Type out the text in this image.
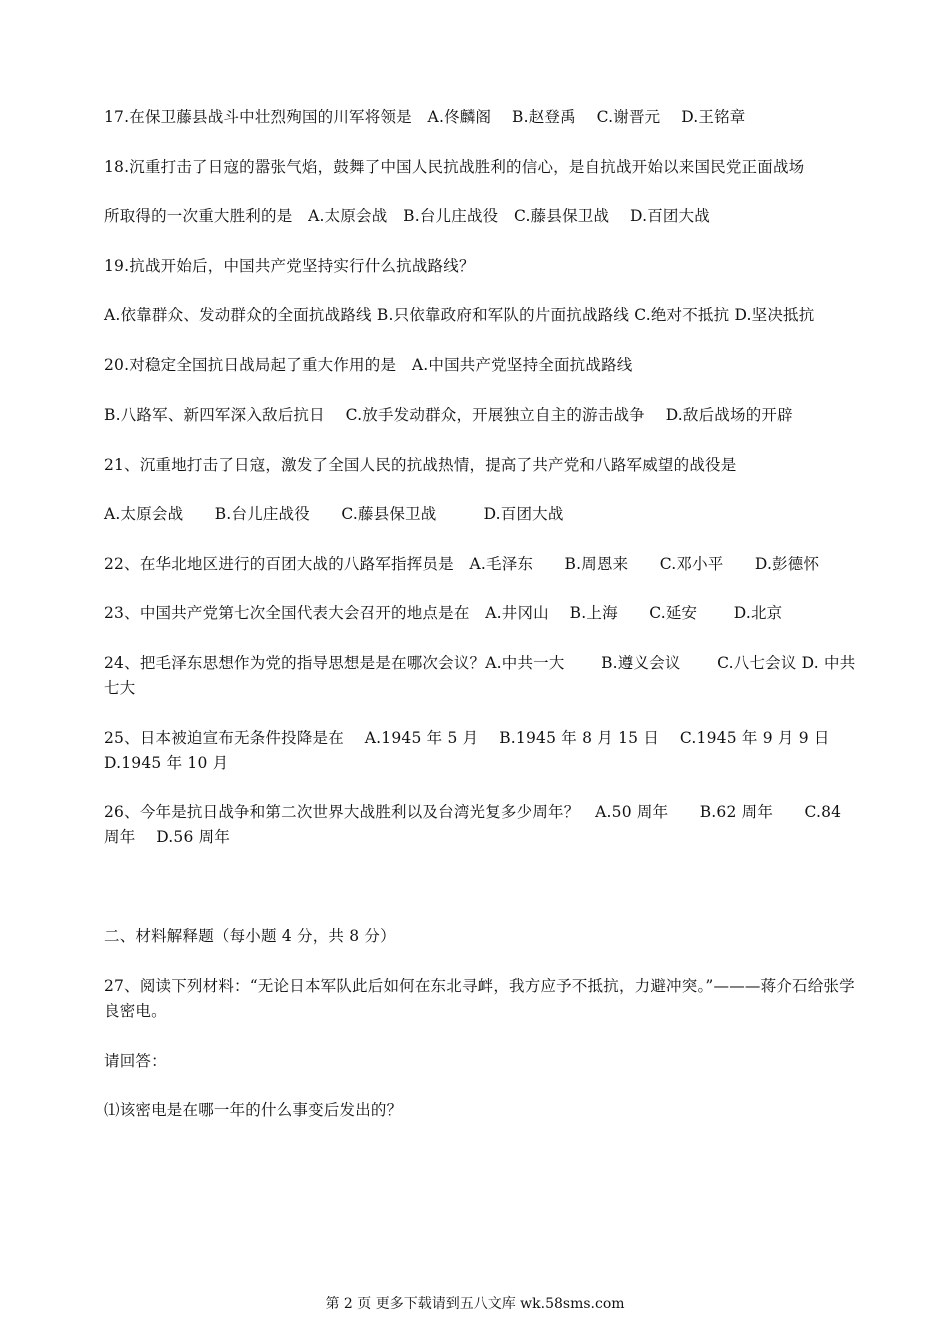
17.在保卫藤县战斗中壮烈殉国的川军将领是　A.佟麟阁　 B.赵登禹　 C.谢晋元　 D.王铭章
18.沉重打击了日寇的嚣张气焰，鼓舞了中国人民抗战胜利的信心，是自抗战开始以来国民党正面战场
所取得的一次重大胜利的是　A.太原会战　B.台儿庄战役　C.藤县保卫战　 D.百团大战
19.抗战开始后，中国共产党坚持实行什么抗战路线？
A.依靠群众、发动群众的全面抗战路线 B.只依靠政府和军队的片面抗战路线 C.绝对不抵抗 D.坚决抵抗
20.对稳定全国抗日战局起了重大作用的是　A.中国共产党坚持全面抗战路线
B.八路军、新四军深入敌后抗日　 C.放手发动群众，开展独立自主的游击战争　 D.敌后战场的开辟
21、沉重地打击了日寇，激发了全国人民的抗战热情，提高了共产党和八路军威望的战役是
A.太原会战　　B.台儿庄战役　　C.藤县保卫战　　　D.百团大战
22、在华北地区进行的百团大战的八路军指挥员是　A.毛泽东　　B.周恩来　　C.邓小平　　D.彭德怀
23、中国共产党第七次全国代表大会召开的地点是在　A.井冈山　 B.上海　　C.延安　　 D.北京
24、把毛泽东思想作为党的指导思想是是在哪次会议？A.中共一大　　 B.遵义会议　　 C.八七会议 D. 中共七大
25、日本被迫宣布无条件投降是在　 A.1945 年 5 月　 B.1945 年 8 月 15 日　 C.1945 年 9 月 9 日 D.1945 年 10 月
26、今年是抗日战争和第二次世界大战胜利以及台湾光复多少周年？　A.50 周年　　B.62 周年　　C.84 周年　 D.56 周年
二、材料解释题（每小题 4 分，共 8 分）
27、阅读下列材料：“无论日本军队此后如何在东北寻衅，我方应予不抵抗，力避冲突。”———蒋介石给张学良密电。
请回答：
⑴该密电是在哪一年的什么事变后发出的？
第 2 页 更多下载请到五八文库 wk.58sms.com
